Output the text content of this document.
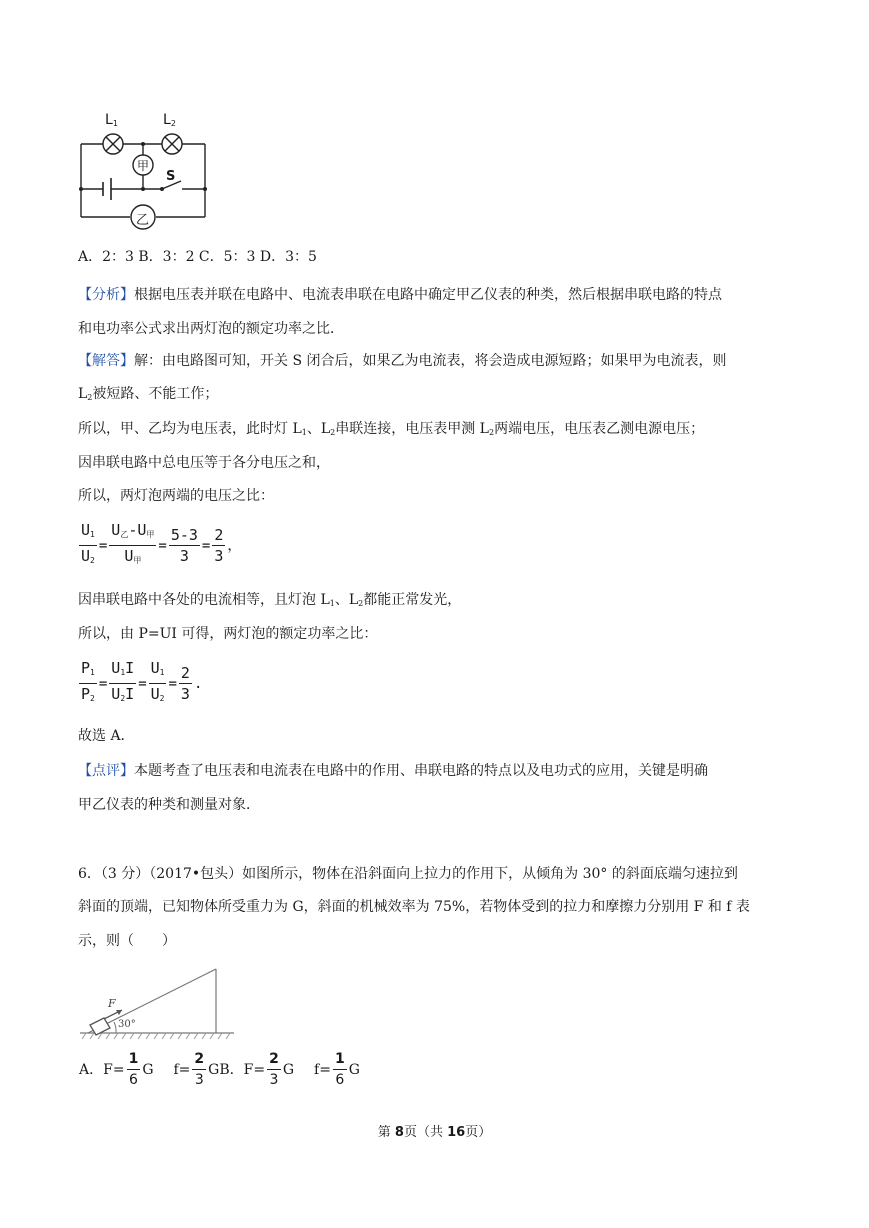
$L_1$	$L_2$
甲
S
乙
A．2：3 B．3：2 C．5：3 D．3：5
【分析】根据电压表并联在电路中、电流表串联在电路中确定甲乙仪表的种类，然后根据串联电路的特点
和电功率公式求出两灯泡的额定功率之比．
【解答】解：由电路图可知，开关 S 闭合后，如果乙为电流表，将会造成电源短路；如果甲为电流表，则
$L_2$被短路、不能工作；
所以，甲、乙均为电压表，此时灯 $L_1$、$L_2$串联连接，电压表甲测 $L_2$两端电压，电压表乙测电源电压；
因串联电路中总电压等于各分电压之和，
所以，两灯泡两端的电压之比：
$\frac{U_1}{U_2} = \frac{U_乙-U_甲}{U_甲} = \frac{5-3}{3} = \frac{2}{3}$ ，
因串联电路中各处的电流相等，且灯泡 $L_1$、$L_2$都能正常发光，
所以，由 P=UI 可得，两灯泡的额定功率之比：
$\frac{P_1}{P_2} = \frac{U_1I}{U_2I} = \frac{U_1}{U_2} = \frac{2}{3}$ .
故选 A．
【点评】本题考查了电压表和电流表在电路中的作用、串联电路的特点以及电功式的应用，关键是明确
甲乙仪表的种类和测量对象．
6．（3 分）（2017•包头）如图所示，物体在沿斜面向上拉力的作用下，从倾角为 30° 的斜面底端匀速拉到
斜面的顶端，已知物体所受重力为 G，斜面的机械效率为 75%，若物体受到的拉力和摩擦力分别用 F 和 f 表
示，则（　　）
F
30°
A．$F= \frac{1}{6}$ G $f= \frac{2}{3}$ GB．$F= \frac{2}{3}$ G $f= \frac{1}{6}$ G
第 8页（共 16页）
